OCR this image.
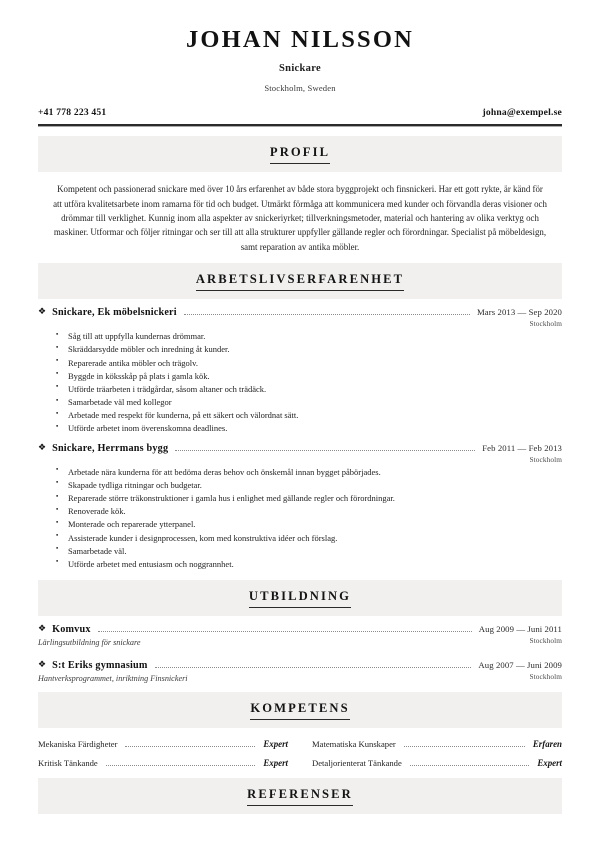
JOHAN NILSSON
Snickare
Stockholm, Sweden
+41 778 223 451	johna@exempel.se
PROFIL

Kompetent och passionerad snickare med över 10 års erfarenhet av både stora byggprojekt och finsnickeri. Har ett gott rykte, är känd för att utföra kvalitetsarbete inom ramarna för tid och budget. Utmärkt förmåga att kommunicera med kunder och förvandla deras visioner och drömmar till verklighet. Kunnig inom alla aspekter av snickeriyrket; tillverkningsmetoder, material och hantering av olika verktyg och maskiner. Utformar och följer ritningar och ser till att alla strukturer uppfyller gällande regler och förordningar. Specialist på möbeldesign, samt reparation av antika möbler.

ARBETSLIVSERFARENHET
❖ Snickare, Ek möbelsnickeri	Mars 2013 — Sep 2020
Stockholm
▪ Såg till att uppfylla kundernas drömmar.
▪ Skräddarsydde möbler och inredning åt kunder.
▪ Reparerade antika möbler och trägolv.
▪ Byggde in köksskåp på plats i gamla kök.
▪ Utförde träarbeten i trädgårdar, såsom altaner och trädäck.
▪ Samarbetade väl med kollegor
▪ Arbetade med respekt för kunderna, på ett säkert och välordnat sätt.
▪ Utförde arbetet inom överenskomna deadlines.
❖ Snickare, Herrmans bygg	Feb 2011 — Feb 2013
Stockholm
▪ Arbetade nära kunderna för att bedöma deras behov och önskemål innan bygget påbörjades.
▪ Skapade tydliga ritningar och budgetar.
▪ Reparerade större träkonstruktioner i gamla hus i enlighet med gällande regler och förordningar.
▪ Renoverade kök.
▪ Monterade och reparerade ytterpanel.
▪ Assisterade kunder i designprocessen, kom med konstruktiva idéer och förslag.
▪ Samarbetade väl.
▪ Utförde arbetet med entusiasm och noggrannhet.
UTBILDNING
❖ Komvux	Aug 2009 — Juni 2011
Stockholm
Lärlingsutbildning för snickare
❖ S:t Eriks gymnasium	Aug 2007 — Juni 2009
Stockholm
Hantverksprogrammet, inriktning Finsnickeri
KOMPETENS
Mekaniska Färdigheter	Expert	Matematiska Kunskaper	Erfaren
Kritisk Tänkande	Expert	Detaljorienterat Tänkande	Expert
REFERENSER
